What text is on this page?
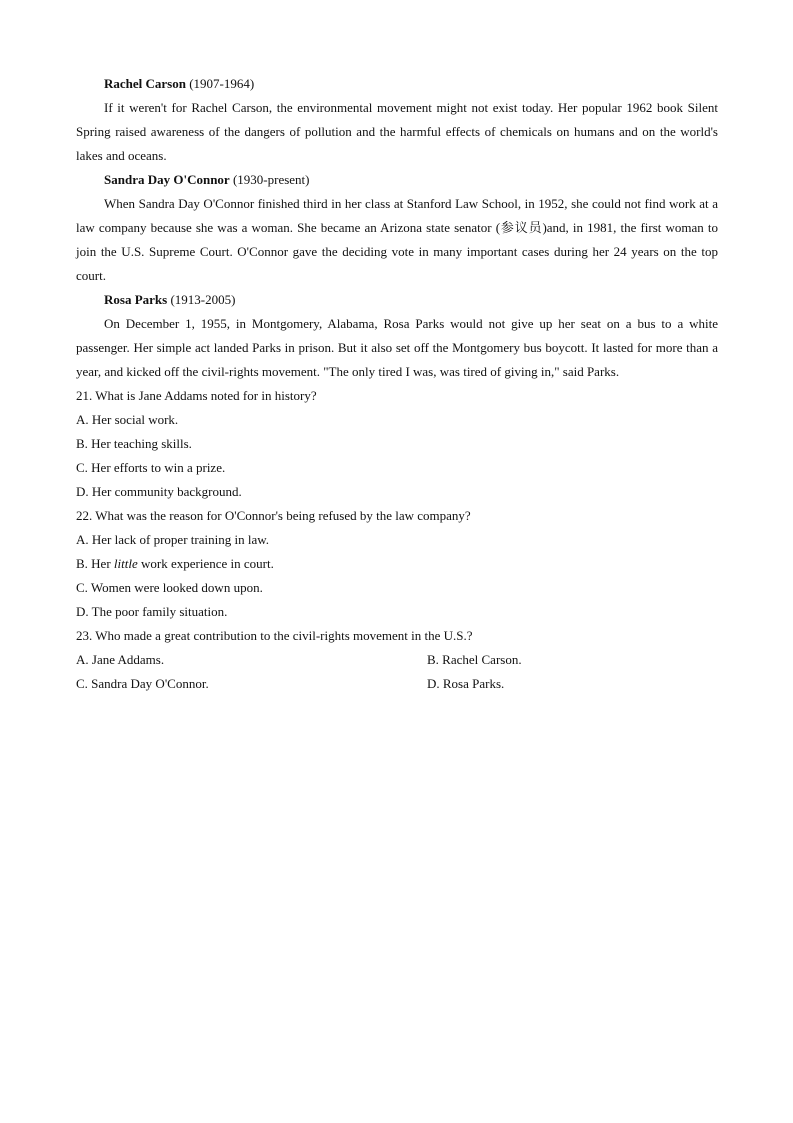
Rachel Carson (1907-1964)

If it weren't for Rachel Carson, the environmental movement might not exist today. Her popular 1962 book Silent Spring raised awareness of the dangers of pollution and the harmful effects of chemicals on humans and on the world's lakes and oceans.

Sandra Day O'Connor (1930-present)

When Sandra Day O'Connor finished third in her class at Stanford Law School, in 1952, she could not find work at a law company because she was a woman. She became an Arizona state senator (参议员)and, in 1981, the first woman to join the U.S. Supreme Court. O'Connor gave the deciding vote in many important cases during her 24 years on the top court.

Rosa Parks (1913-2005)

On December 1, 1955, in Montgomery, Alabama, Rosa Parks would not give up her seat on a bus to a white passenger. Her simple act landed Parks in prison. But it also set off the Montgomery bus boycott. It lasted for more than a year, and kicked off the civil-rights movement. "The only tired I was, was tired of giving in," said Parks.

21. What is Jane Addams noted for in history?

A. Her social work.

B. Her teaching skills.

C. Her efforts to win a prize.

D. Her community background.

22. What was the reason for O'Connor's being refused by the law company?

A. Her lack of proper training in law.

B. Her little work experience in court.

C. Women were looked down upon.

D. The poor family situation.

23. Who made a great contribution to the civil-rights movement in the U.S.?

A. Jane Addams.	B. Rachel Carson.
C. Sandra Day O'Connor.	D. Rosa Parks.
